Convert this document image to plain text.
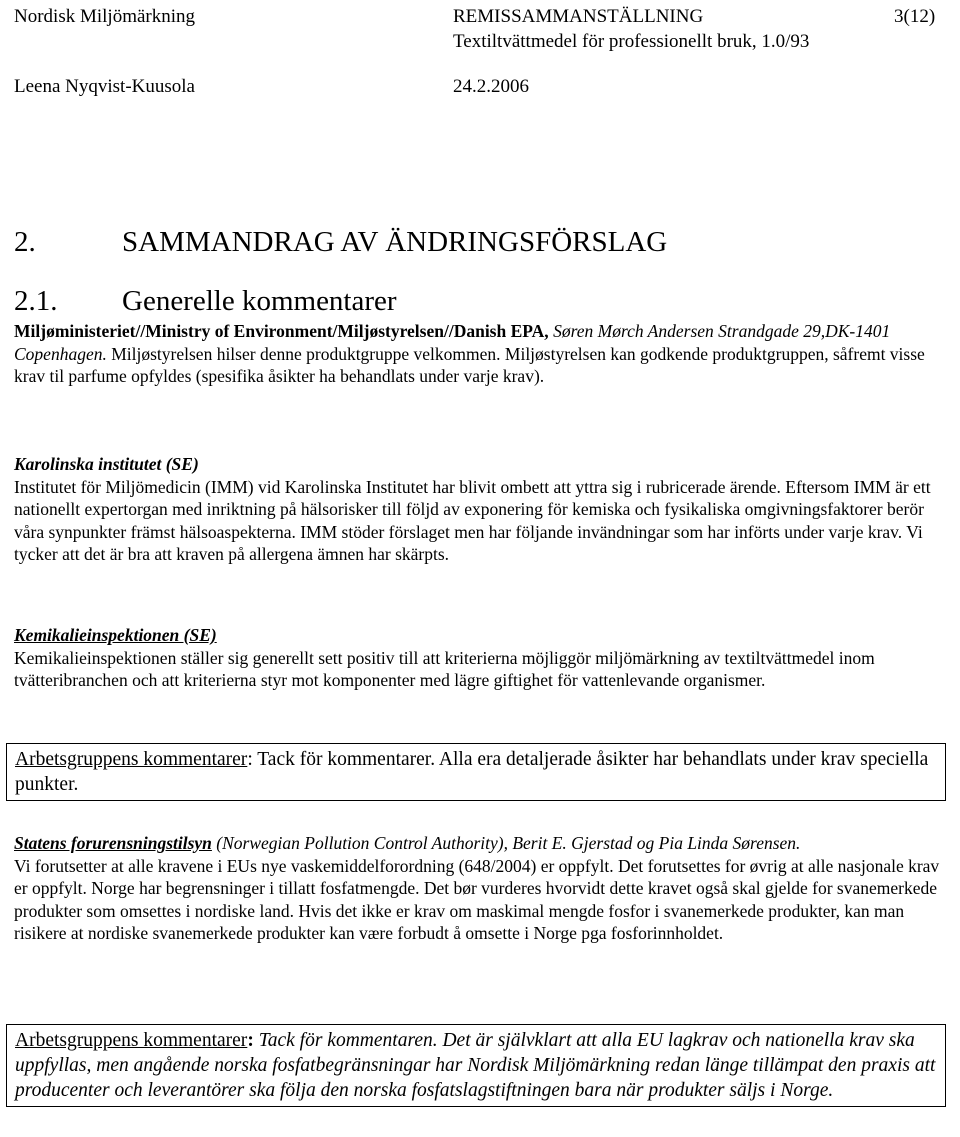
Nordisk Miljömärkning	REMISSAMMANSTÄLLNING	3(12)
Textiltvättmedel för professionellt bruk, 1.0/93
Leena Nyqvist-Kuusola	24.2.2006
2.	SAMMANDRAG AV ÄNDRINGSFÖRSLAG
2.1. Generelle kommentarer

Miljøministeriet//Ministry of Environment/Miljøstyrelsen//Danish EPA, Søren Mørch Andersen Strandgade 29,DK-1401 Copenhagen. Miljøstyrelsen hilser denne produktgruppe velkommen. Miljøstyrelsen kan godkende produktgruppen, såfremt visse krav til parfume opfyldes (spesifika åsikter ha behandlats under varje krav).

Karolinska institutet (SE)

Institutet för Miljömedicin (IMM) vid Karolinska Institutet har blivit ombett att yttra sig i rubricerade ärende. Eftersom IMM är ett nationellt expertorgan med inriktning på hälsorisker till följd av exponering för kemiska och fysikaliska omgivningsfaktorer berör våra synpunkter främst hälsoaspekterna. IMM stöder förslaget men har följande invändningar som har införts under varje krav. Vi tycker att det är bra att kraven på allergena ämnen har skärpts.

Kemikalieinspektionen (SE)

Kemikalieinspektionen ställer sig generellt sett positiv till att kriterierna möjliggör miljömärkning av textiltvättmedel inom tvätteribranchen och att kriterierna styr mot komponenter med lägre giftighet för vattenlevande organismer.

Arbetsgruppens kommentarer: Tack för kommentarer. Alla era detaljerade åsikter har behandlats under krav speciella punkter.

Statens forurensningstilsyn (Norwegian Pollution Control Authority), Berit E. Gjerstad og Pia Linda Sørensen.

Vi forutsetter at alle kravene i EUs nye vaskemiddelforordning (648/2004) er oppfylt. Det forutsettes for øvrig at alle nasjonale krav er oppfylt. Norge har begrensninger i tillatt fosfatmengde. Det bør vurderes hvorvidt dette kravet også skal gjelde for svanemerkede produkter som omsettes i nordiske land. Hvis det ikke er krav om maskimal mengde fosfor i svanemerkede produkter, kan man risikere at nordiske svanemerkede produkter kan være forbudt å omsette i Norge pga fosforinnholdet.

Arbetsgruppens kommentarer: Tack för kommentaren. Det är självklart att alla EU lagkrav och nationella krav ska uppfyllas, men angående norska fosfatbegränsningar har Nordisk Miljömärkning redan länge tillämpat den praxis att producenter och leverantörer ska följa den norska fosfatslagstiftningen bara när produkter säljs i Norge.
